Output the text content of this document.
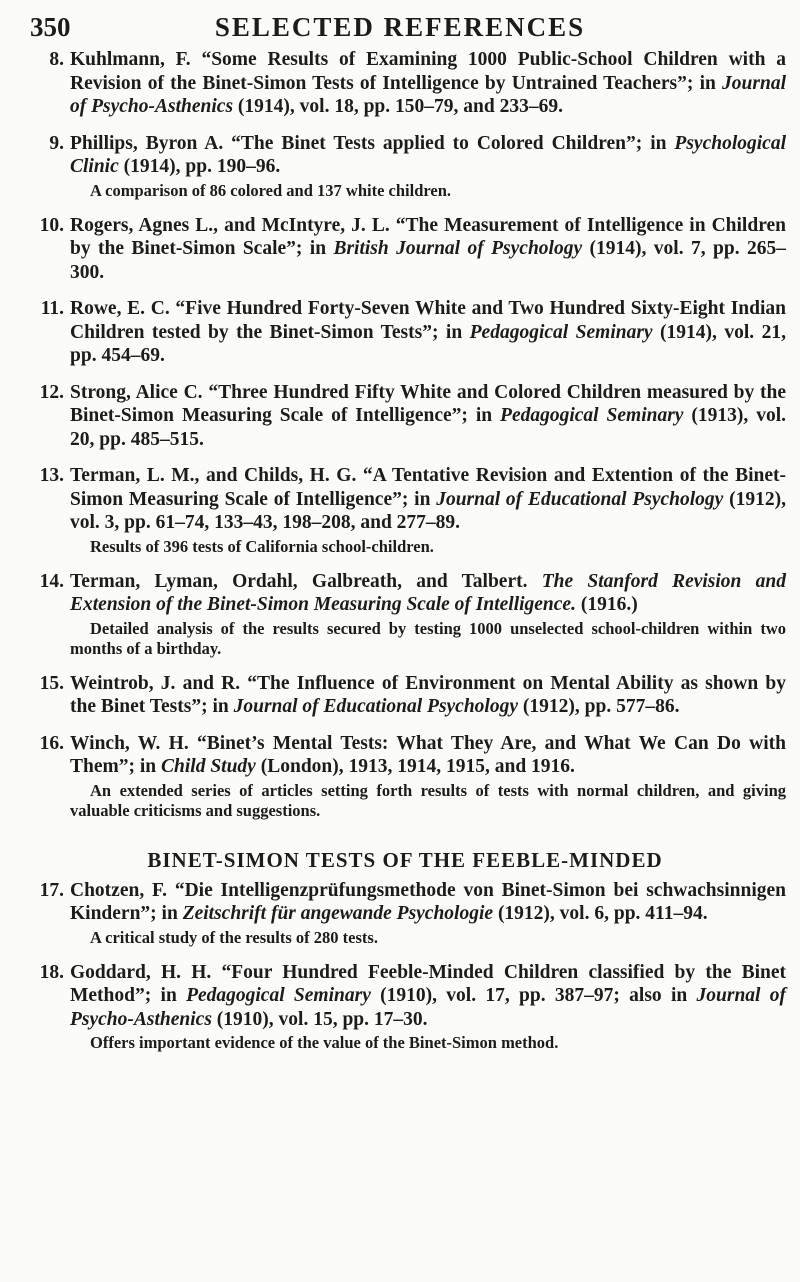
350	SELECTED REFERENCES
8. Kuhlmann, F. “Some Results of Examining 1000 Public-School Children with a Revision of the Binet-Simon Tests of Intelligence by Untrained Teachers”; in Journal of Psycho-Asthenics (1914), vol. 18, pp. 150–79, and 233–69.
9. Phillips, Byron A. “The Binet Tests applied to Colored Children”; in Psychological Clinic (1914), pp. 190–96.

A comparison of 86 colored and 137 white children.

10. Rogers, Agnes L., and McIntyre, J. L. “The Measurement of Intelligence in Children by the Binet-Simon Scale”; in British Journal of Psychology (1914), vol. 7, pp. 265–300.
11. Rowe, E. C. “Five Hundred Forty-Seven White and Two Hundred Sixty-Eight Indian Children tested by the Binet-Simon Tests”; in Pedagogical Seminary (1914), vol. 21, pp. 454–69.
12. Strong, Alice C. “Three Hundred Fifty White and Colored Children measured by the Binet-Simon Measuring Scale of Intelligence”; in Pedagogical Seminary (1913), vol. 20, pp. 485–515.
13. Terman, L. M., and Childs, H. G. “A Tentative Revision and Extention of the Binet-Simon Measuring Scale of Intelligence”; in Journal of Educational Psychology (1912), vol. 3, pp. 61–74, 133–43, 198–208, and 277–89.

Results of 396 tests of California school-children.

14. Terman, Lyman, Ordahl, Galbreath, and Talbert. The Stanford Revision and Extension of the Binet-Simon Measuring Scale of Intelligence. (1916.)

Detailed analysis of the results secured by testing 1000 unselected school-children within two months of a birthday.

15. Weintrob, J. and R. “The Influence of Environment on Mental Ability as shown by the Binet Tests”; in Journal of Educational Psychology (1912), pp. 577–86.
16. Winch, W. H. “Binet’s Mental Tests: What They Are, and What We Can Do with Them”; in Child Study (London), 1913, 1914, 1915, and 1916.

An extended series of articles setting forth results of tests with normal children, and giving valuable criticisms and suggestions.

BINET-SIMON TESTS OF THE FEEBLE-MINDED
17. Chotzen, F. “Die Intelligenzprüfungsmethode von Binet-Simon bei schwachsinnigen Kindern”; in Zeitschrift für angewande Psychologie (1912), vol. 6, pp. 411–94.

A critical study of the results of 280 tests.

18. Goddard, H. H. “Four Hundred Feeble-Minded Children classified by the Binet Method”; in Pedagogical Seminary (1910), vol. 17, pp. 387–97; also in Journal of Psycho-Asthenics (1910), vol. 15, pp. 17–30.

Offers important evidence of the value of the Binet-Simon method.
